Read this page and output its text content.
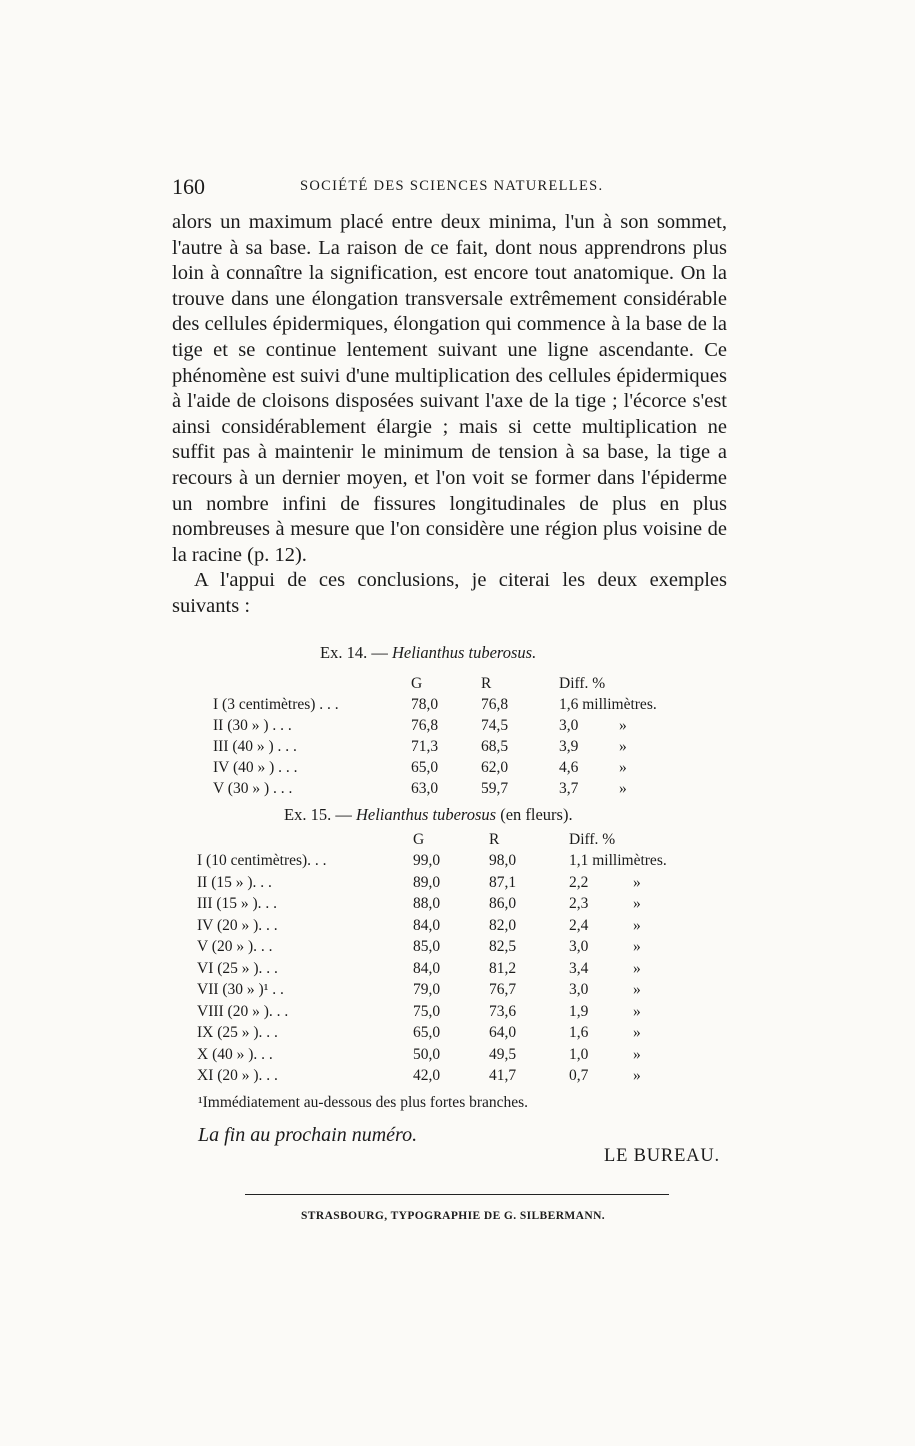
160	SOCIÉTÉ DES SCIENCES NATURELLES.

alors un maximum placé entre deux minima, l'un à son sommet, l'autre à sa base. La raison de ce fait, dont nous apprendrons plus loin à connaître la signification, est encore tout anatomique. On la trouve dans une élongation transversale extrêmement considérable des cellules épidermiques, élongation qui commence à la base de la tige et se continue lentement suivant une ligne ascendante. Ce phénomène est suivi d'une multiplication des cellules épidermiques à l'aide de cloisons disposées suivant l'axe de la tige ; l'écorce s'est ainsi considérablement élargie ; mais si cette multiplication ne suffit pas à maintenir le minimum de tension à sa base, la tige a recours à un dernier moyen, et l'on voit se former dans l'épiderme un nombre infini de fissures longitudinales de plus en plus nombreuses à mesure que l'on considère une région plus voisine de la racine (p. 12).

A l'appui de ces conclusions, je citerai les deux exemples suivants :

Ex. 14. — Helianthus tuberosus.
	G	R	Diff. %	
I (3 centimètres) . . .	78,0	76,8	1,6 millimètres.	
II (30 » ) . . .	76,8	74,5	3,0	»
III (40 » ) . . .	71,3	68,5	3,9	»
IV (40 » ) . . .	65,0	62,0	4,6	»
V (30 » ) . . .	63,0	59,7	3,7	»
Ex. 15. — Helianthus tuberosus (en fleurs).
	G	R	Diff. %	
I (10 centimètres). . .	99,0	98,0	1,1 millimètres.	
II (15 » ). . .	89,0	87,1	2,2	»
III (15 » ). . .	88,0	86,0	2,3	»
IV (20 » ). . .	84,0	82,0	2,4	»
V (20 » ). . .	85,0	82,5	3,0	»
VI (25 » ). . .	84,0	81,2	3,4	»
VII (30 » )¹ . .	79,0	76,7	3,0	»
VIII (20 » ). . .	75,0	73,6	1,9	»
IX (25 » ). . .	65,0	64,0	1,6	»
X (40 » ). . .	50,0	49,5	1,0	»
XI (20 » ). . .	42,0	41,7	0,7	»
¹Immédiatement au-dessous des plus fortes branches.
La fin au prochain numéro.
LE BUREAU.
STRASBOURG, TYPOGRAPHIE DE G. SILBERMANN.
